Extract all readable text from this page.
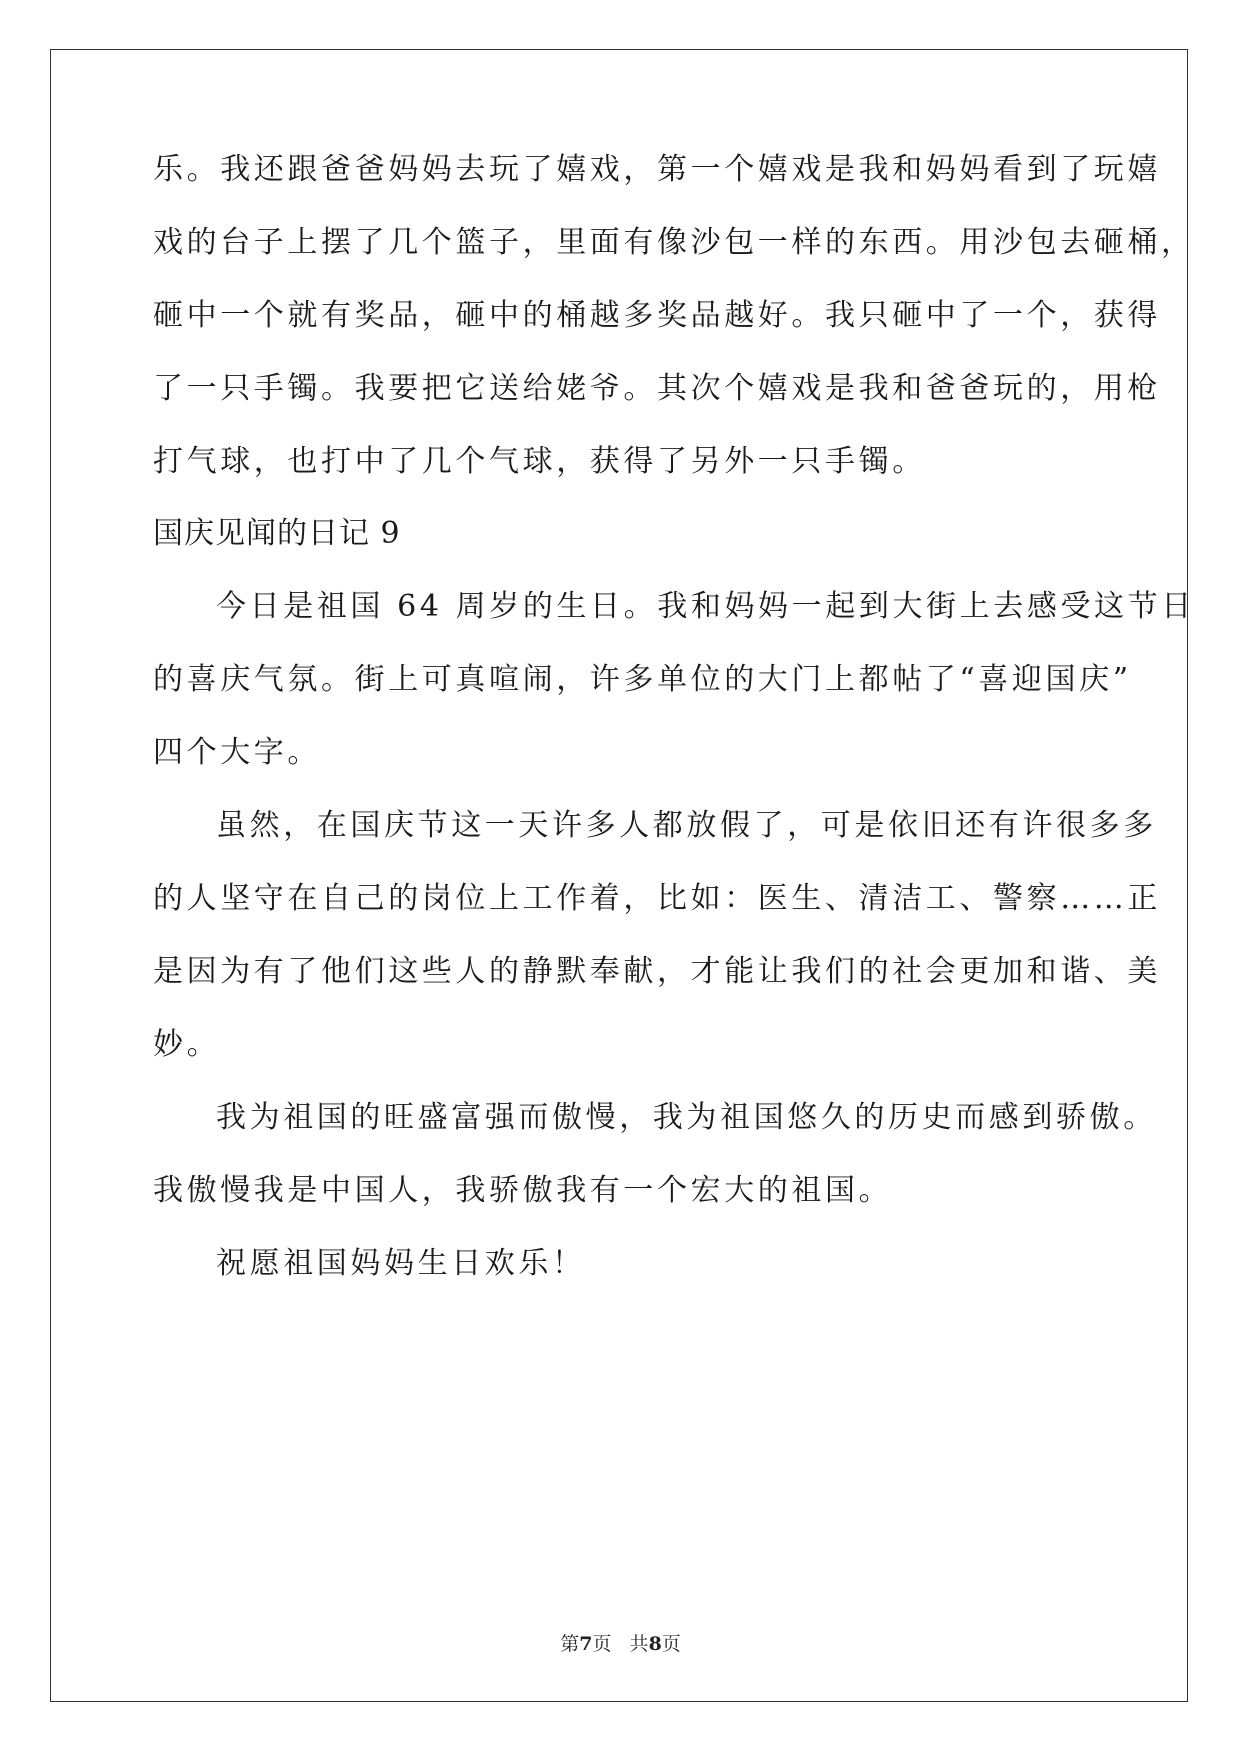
乐。我还跟爸爸妈妈去玩了嬉戏，第一个嬉戏是我和妈妈看到了玩嬉
戏的台子上摆了几个篮子，里面有像沙包一样的东西。用沙包去砸桶，
砸中一个就有奖品，砸中的桶越多奖品越好。我只砸中了一个，获得
了一只手镯。我要把它送给姥爷。其次个嬉戏是我和爸爸玩的，用枪
打气球，也打中了几个气球，获得了另外一只手镯。
国庆见闻的日记 9
今日是祖国 64 周岁的生日。我和妈妈一起到大街上去感受这节日
的喜庆气氛。街上可真喧闹，许多单位的大门上都帖了“喜迎国庆”
四个大字。
虽然，在国庆节这一天许多人都放假了，可是依旧还有许很多多
的人坚守在自己的岗位上工作着，比如：医生、清洁工、警察……正
是因为有了他们这些人的静默奉献，才能让我们的社会更加和谐、美
妙。
我为祖国的旺盛富强而傲慢，我为祖国悠久的历史而感到骄傲。
我傲慢我是中国人，我骄傲我有一个宏大的祖国。
祝愿祖国妈妈生日欢乐！
第7页   共8页
